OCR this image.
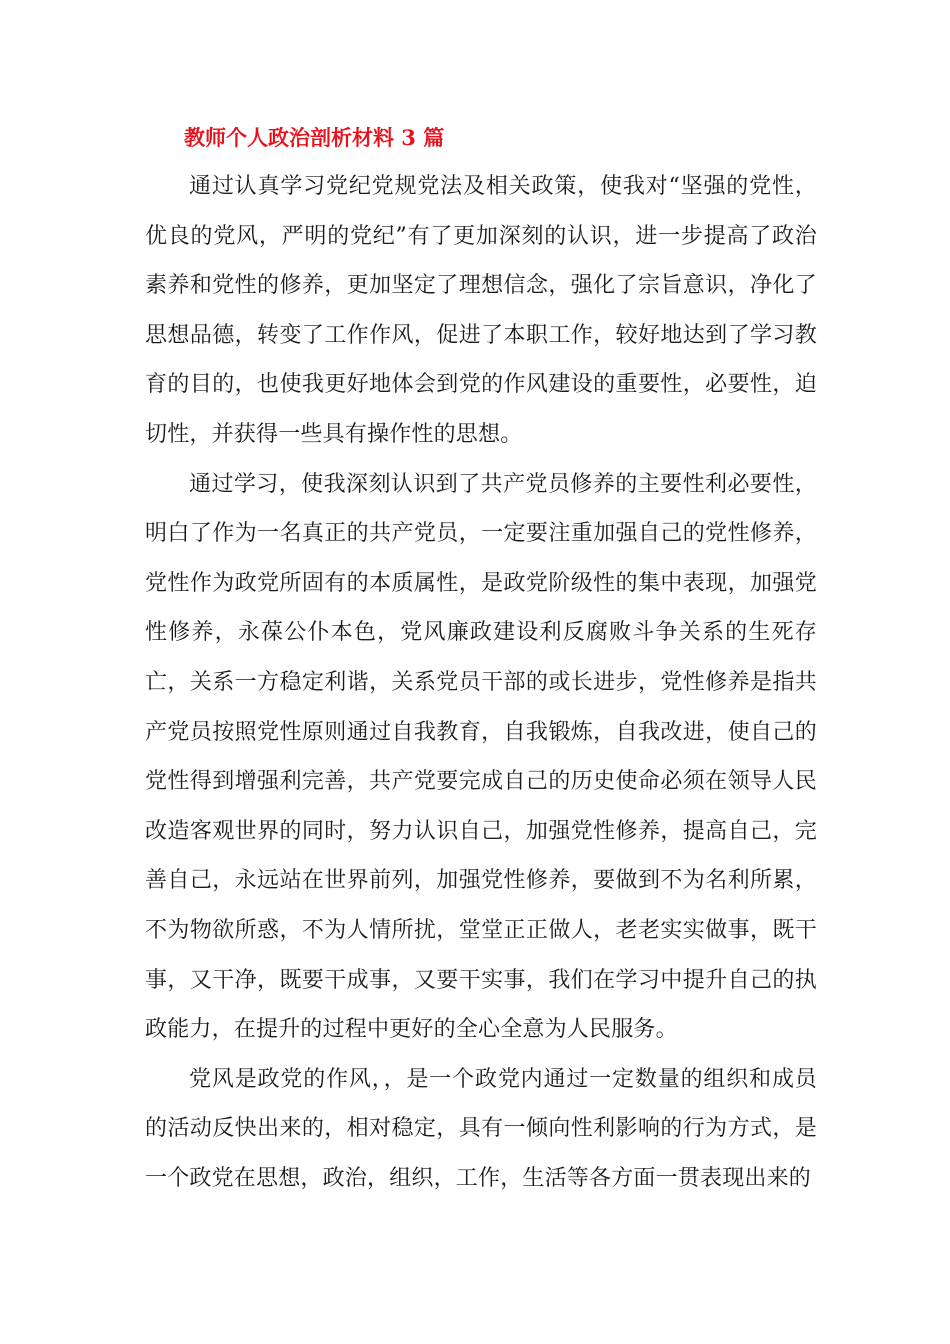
教师个人政治剖析材料 3 篇

通过认真学习党纪党规党法及相关政策，使我对“坚强的党性，优良的党风，严明的党纪”有了更加深刻的认识，进一步提高了政治素养和党性的修养，更加坚定了理想信念，强化了宗旨意识，净化了思想品德，转变了工作作风，促进了本职工作，较好地达到了学习教育的目的，也使我更好地体会到党的作风建设的重要性，必要性，迫切性，并获得一些具有操作性的思想。

通过学习，使我深刻认识到了共产党员修养的主要性利必要性，明白了作为一名真正的共产党员，一定要注重加强自己的党性修养，党性作为政党所固有的本质属性，是政党阶级性的集中表现，加强党性修养，永葆公仆本色，党风廉政建设利反腐败斗争关系的生死存亡，关系一方稳定利谐，关系党员干部的或长进步，党性修养是指共产党员按照党性原则通过自我教育，自我锻炼，自我改进，使自己的党性得到增强利完善，共产党要完成自己的历史使命必须在领导人民改造客观世界的同时，努力认识自己，加强党性修养，提高自己，完善自己，永远站在世界前列，加强党性修养，要做到不为名利所累，不为物欲所惑，不为人情所扰，堂堂正正做人，老老实实做事，既干事，又干净，既要干成事，又要干实事，我们在学习中提升自己的执政能力，在提升的过程中更好的全心全意为人民服务。

党风是政党的作风，，是一个政党内通过一定数量的组织和成员的活动反快出来的，相对稳定，具有一倾向性利影响的行为方式，是一个政党在思想，政治，组织，工作，生活等各方面一贯表现出来的
